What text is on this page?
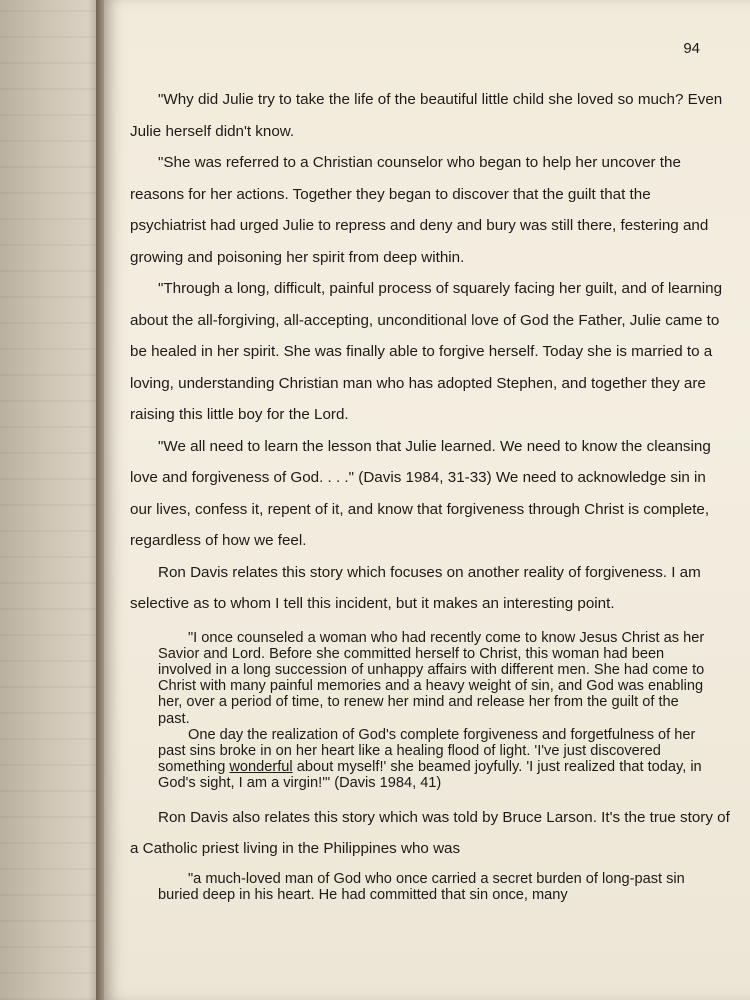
94

"Why did Julie try to take the life of the beautiful little child she loved so much? Even Julie herself didn't know.

"She was referred to a Christian counselor who began to help her uncover the reasons for her actions. Together they began to discover that the guilt that the psychiatrist had urged Julie to repress and deny and bury was still there, festering and growing and poisoning her spirit from deep within.

"Through a long, difficult, painful process of squarely facing her guilt, and of learning about the all-forgiving, all-accepting, unconditional love of God the Father, Julie came to be healed in her spirit. She was finally able to forgive herself. Today she is married to a loving, understanding Christian man who has adopted Stephen, and together they are raising this little boy for the Lord.

"We all need to learn the lesson that Julie learned. We need to know the cleansing love and forgiveness of God. . . ." (Davis 1984, 31-33) We need to acknowledge sin in our lives, confess it, repent of it, and know that forgiveness through Christ is complete, regardless of how we feel.

Ron Davis relates this story which focuses on another reality of forgiveness. I am selective as to whom I tell this incident, but it makes an interesting point.

"I once counseled a woman who had recently come to know Jesus Christ as her Savior and Lord. Before she committed herself to Christ, this woman had been involved in a long succession of unhappy affairs with different men. She had come to Christ with many painful memories and a heavy weight of sin, and God was enabling her, over a period of time, to renew her mind and release her from the guilt of the past.

One day the realization of God's complete forgiveness and forgetfulness of her past sins broke in on her heart like a healing flood of light. 'I've just discovered something wonderful about myself!' she beamed joyfully. 'I just realized that today, in God's sight, I am a virgin!'" (Davis 1984, 41)

Ron Davis also relates this story which was told by Bruce Larson. It's the true story of a Catholic priest living in the Philippines who was

"a much-loved man of God who once carried a secret burden of long-past sin buried deep in his heart. He had committed that sin once, many
